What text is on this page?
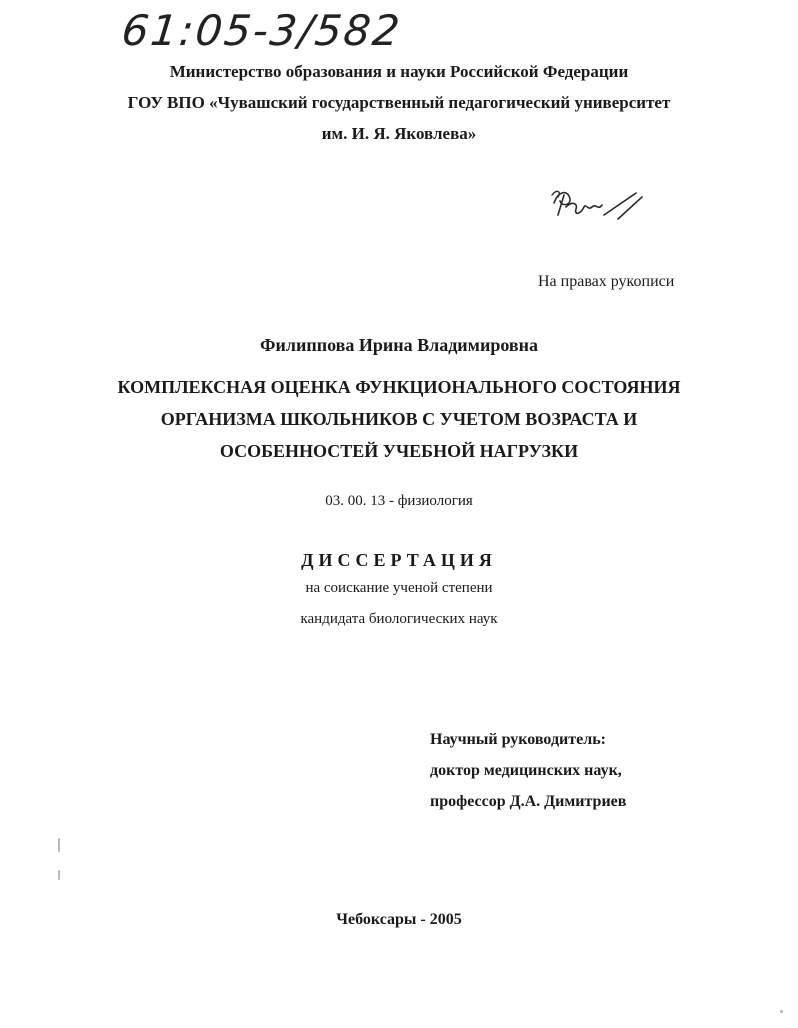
61:05-3/582
Министерство образования и науки Российской Федерации
ГОУ ВПО «Чувашский государственный педагогический университет
им. И. Я. Яковлева»
На правах рукописи
Филиппова Ирина Владимировна
КОМПЛЕКСНАЯ ОЦЕНКА ФУНКЦИОНАЛЬНОГО СОСТОЯНИЯ
ОРГАНИЗМА ШКОЛЬНИКОВ С УЧЕТОМ ВОЗРАСТА И
ОСОБЕННОСТЕЙ УЧЕБНОЙ НАГРУЗКИ
03. 00. 13 - физиология
ДИССЕРТАЦИЯ
на соискание ученой степени
кандидата биологических наук
Научный руководитель:
доктор медицинских наук,
профессор Д.А. Димитриев
Чебоксары - 2005
